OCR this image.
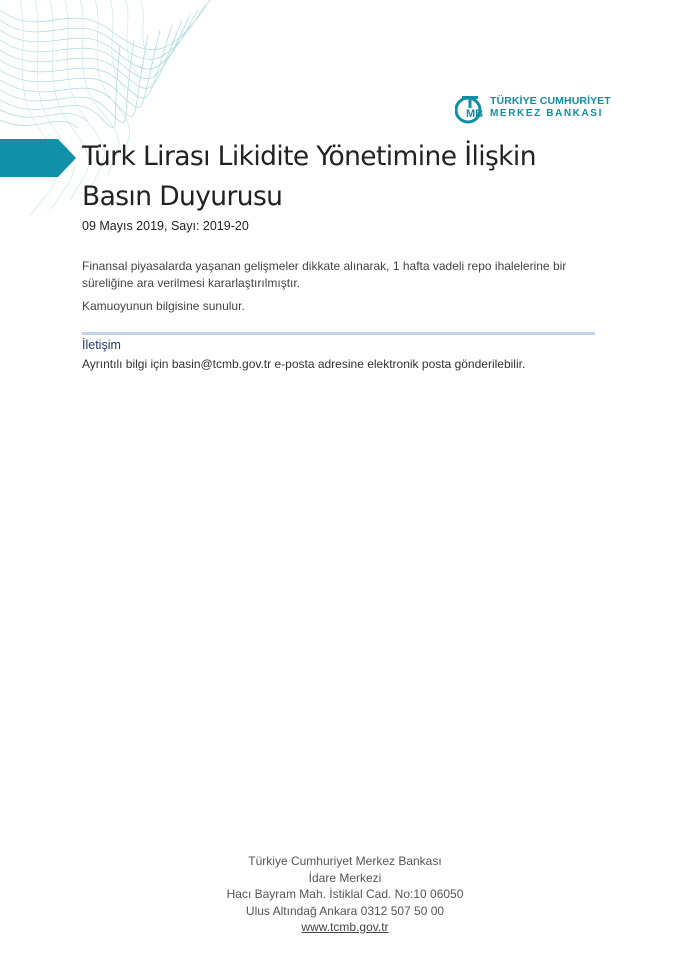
MB
TÜRKİYE CUMHURİYET
MERKEZ BANKASI
Türk Lirası Likidite Yönetimine İlişkin
Basın Duyurusu
09 Mayıs 2019, Sayı: 2019-20

Finansal piyasalarda yaşanan gelişmeler dikkate alınarak, 1 hafta vadeli repo ihalelerine bir
süreliğine ara verilmesi kararlaştırılmıştır.

Kamuoyunun bilgisine sunulur.

İletişim
Ayrıntılı bilgi için basin@tcmb.gov.tr e-posta adresine elektronik posta gönderilebilir.
Türkiye Cumhuriyet Merkez Bankası
İdare Merkezi
Hacı Bayram Mah. İstiklal Cad. No:10 06050
Ulus Altındağ Ankara 0312 507 50 00
www.tcmb.gov.tr
